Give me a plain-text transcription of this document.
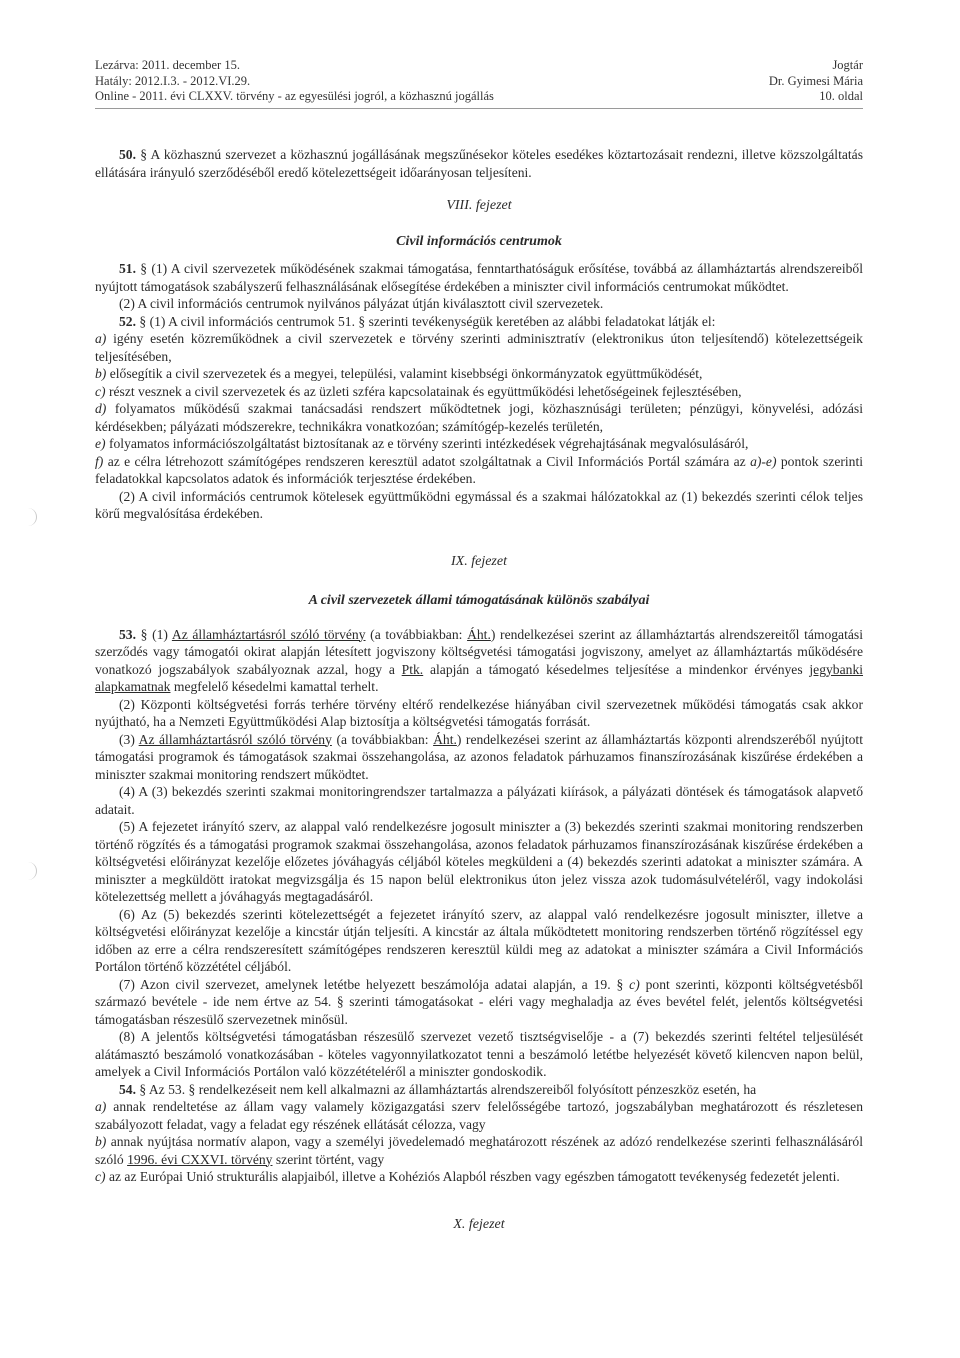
Lezárva: 2011. december 15.
Hatály: 2012.I.3. - 2012.VI.29.
Online - 2011. évi CLXXV. törvény - az egyesülési jogról, a közhasznú jogállás
Jogtár
Dr. Gyimesi Mária
10. oldal

50. § A közhasznú szervezet a közhasznú jogállásának megszűnésekor köteles esedékes köztartozásait rendezni, illetve közszolgáltatás ellátására irányuló szerződéséből eredő kötelezettségeit időarányosan teljesíteni.

VIII. fejezet

Civil információs centrumok

51. § (1) A civil szervezetek működésének szakmai támogatása, fenntarthatóságuk erősítése, továbbá az államháztartás alrendszereiből nyújtott támogatások szabályszerű felhasználásának elősegítése érdekében a miniszter civil információs centrumokat működtet.

(2) A civil információs centrumok nyilvános pályázat útján kiválasztott civil szervezetek.

52. § (1) A civil információs centrumok 51. § szerinti tevékenységük keretében az alábbi feladatokat látják el:

a) igény esetén közreműködnek a civil szervezetek e törvény szerinti adminisztratív (elektronikus úton teljesítendő) kötelezettségeik teljesítésében,

b) elősegítik a civil szervezetek és a megyei, települési, valamint kisebbségi önkormányzatok együttműködését,

c) részt vesznek a civil szervezetek és az üzleti szféra kapcsolatainak és együttműködési lehetőségeinek fejlesztésében,

d) folyamatos működésű szakmai tanácsadási rendszert működtetnek jogi, közhasznúsági területen; pénzügyi, könyvelési, adózási kérdésekben; pályázati módszerekre, technikákra vonatkozóan; számítógép-kezelés területén,

e) folyamatos információszolgáltatást biztosítanak az e törvény szerinti intézkedések végrehajtásának megvalósulásáról,

f) az e célra létrehozott számítógépes rendszeren keresztül adatot szolgáltatnak a Civil Információs Portál számára az a)-e) pontok szerinti feladatokkal kapcsolatos adatok és információk terjesztése érdekében.

(2) A civil információs centrumok kötelesek együttműködni egymással és a szakmai hálózatokkal az (1) bekezdés szerinti célok teljes körű megvalósítása érdekében.

IX. fejezet

A civil szervezetek állami támogatásának különös szabályai

53. § (1) Az államháztartásról szóló törvény (a továbbiakban: Áht.) rendelkezései szerint az államháztartás alrendszereitől támogatási szerződés vagy támogatói okirat alapján létesített jogviszony költségvetési támogatási jogviszony, amelyet az államháztartás működésére vonatkozó jogszabályok szabályoznak azzal, hogy a Ptk. alapján a támogató késedelmes teljesítése a mindenkor érvényes jegybanki alapkamatnak megfelelő késedelmi kamattal terhelt.

(2) Központi költségvetési forrás terhére törvény eltérő rendelkezése hiányában civil szervezetnek működési támogatás csak akkor nyújtható, ha a Nemzeti Együttműködési Alap biztosítja a költségvetési támogatás forrását.

(3) Az államháztartásról szóló törvény (a továbbiakban: Áht.) rendelkezései szerint az államháztartás központi alrendszeréből nyújtott támogatási programok és támogatások szakmai összehangolása, az azonos feladatok párhuzamos finanszírozásának kiszűrése érdekében a miniszter szakmai monitoring rendszert működtet.

(4) A (3) bekezdés szerinti szakmai monitoringrendszer tartalmazza a pályázati kiírások, a pályázati döntések és támogatások alapvető adatait.

(5) A fejezetet irányító szerv, az alappal való rendelkezésre jogosult miniszter a (3) bekezdés szerinti szakmai monitoring rendszerben történő rögzítés és a támogatási programok szakmai összehangolása, azonos feladatok párhuzamos finanszírozásának kiszűrése érdekében a költségvetési előirányzat kezelője előzetes jóváhagyás céljából köteles megküldeni a (4) bekezdés szerinti adatokat a miniszter számára. A miniszter a megküldött iratokat megvizsgálja és 15 napon belül elektronikus úton jelez vissza azok tudomásulvételéről, vagy indokolási kötelezettség mellett a jóváhagyás megtagadásáról.

(6) Az (5) bekezdés szerinti kötelezettségét a fejezetet irányító szerv, az alappal való rendelkezésre jogosult miniszter, illetve a költségvetési előirányzat kezelője a kincstár útján teljesíti. A kincstár az általa működtetett monitoring rendszerben történő rögzítéssel egy időben az erre a célra rendszeresített számítógépes rendszeren keresztül küldi meg az adatokat a miniszter számára a Civil Információs Portálon történő közzététel céljából.

(7) Azon civil szervezet, amelynek letétbe helyezett beszámolója adatai alapján, a 19. § c) pont szerinti, központi költségvetésből származó bevétele - ide nem értve az 54. § szerinti támogatásokat - eléri vagy meghaladja az éves bevétel felét, jelentős költségvetési támogatásban részesülő szervezetnek minősül.

(8) A jelentős költségvetési támogatásban részesülő szervezet vezető tisztségviselője - a (7) bekezdés szerinti feltétel teljesülését alátámasztó beszámoló vonatkozásában - köteles vagyonnyilatkozatot tenni a beszámoló letétbe helyezését követő kilencven napon belül, amelyek a Civil Információs Portálon való közzétételéről a miniszter gondoskodik.

54. § Az 53. § rendelkezéseit nem kell alkalmazni az államháztartás alrendszereiből folyósított pénzeszköz esetén, ha

a) annak rendeltetése az állam vagy valamely közigazgatási szerv felelősségébe tartozó, jogszabályban meghatározott és részletesen szabályozott feladat, vagy a feladat egy részének ellátását célozza, vagy

b) annak nyújtása normatív alapon, vagy a személyi jövedelemadó meghatározott részének az adózó rendelkezése szerinti felhasználásáról szóló 1996. évi CXXVI. törvény szerint történt, vagy

c) az az Európai Unió strukturális alapjaiból, illetve a Kohéziós Alapból részben vagy egészben támogatott tevékenység fedezetét jelenti.

X. fejezet
